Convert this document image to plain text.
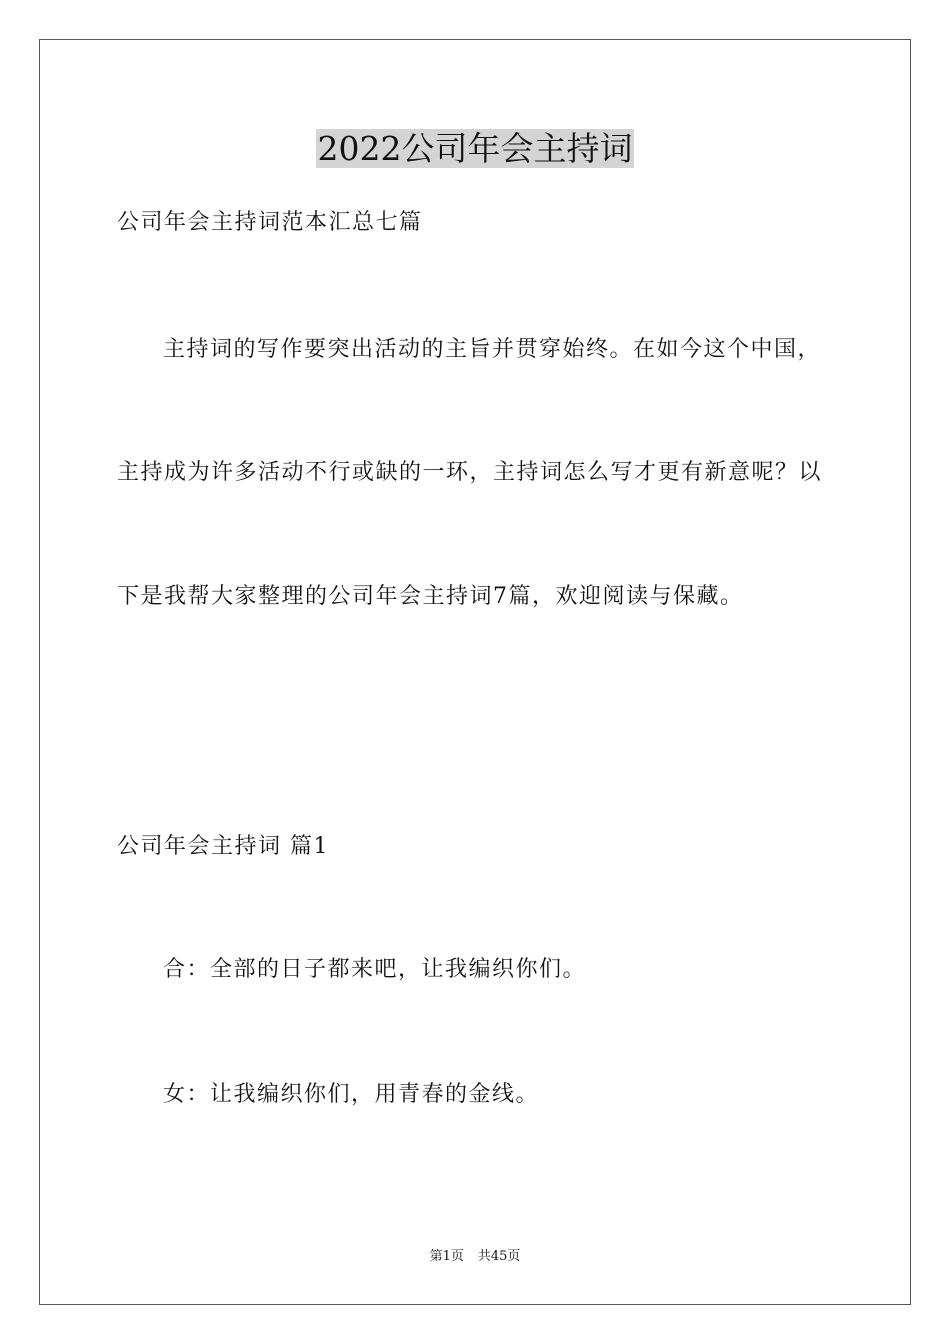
2022公司年会主持词
公司年会主持词范本汇总七篇
主持词的写作要突出活动的主旨并贯穿始终。在如今这个中国，
主持成为许多活动不行或缺的一环，主持词怎么写才更有新意呢？以
下是我帮大家整理的公司年会主持词7篇，欢迎阅读与保藏。
公司年会主持词 篇1
合：全部的日子都来吧，让我编织你们。
女：让我编织你们，用青春的金线。
第1页 共45页
